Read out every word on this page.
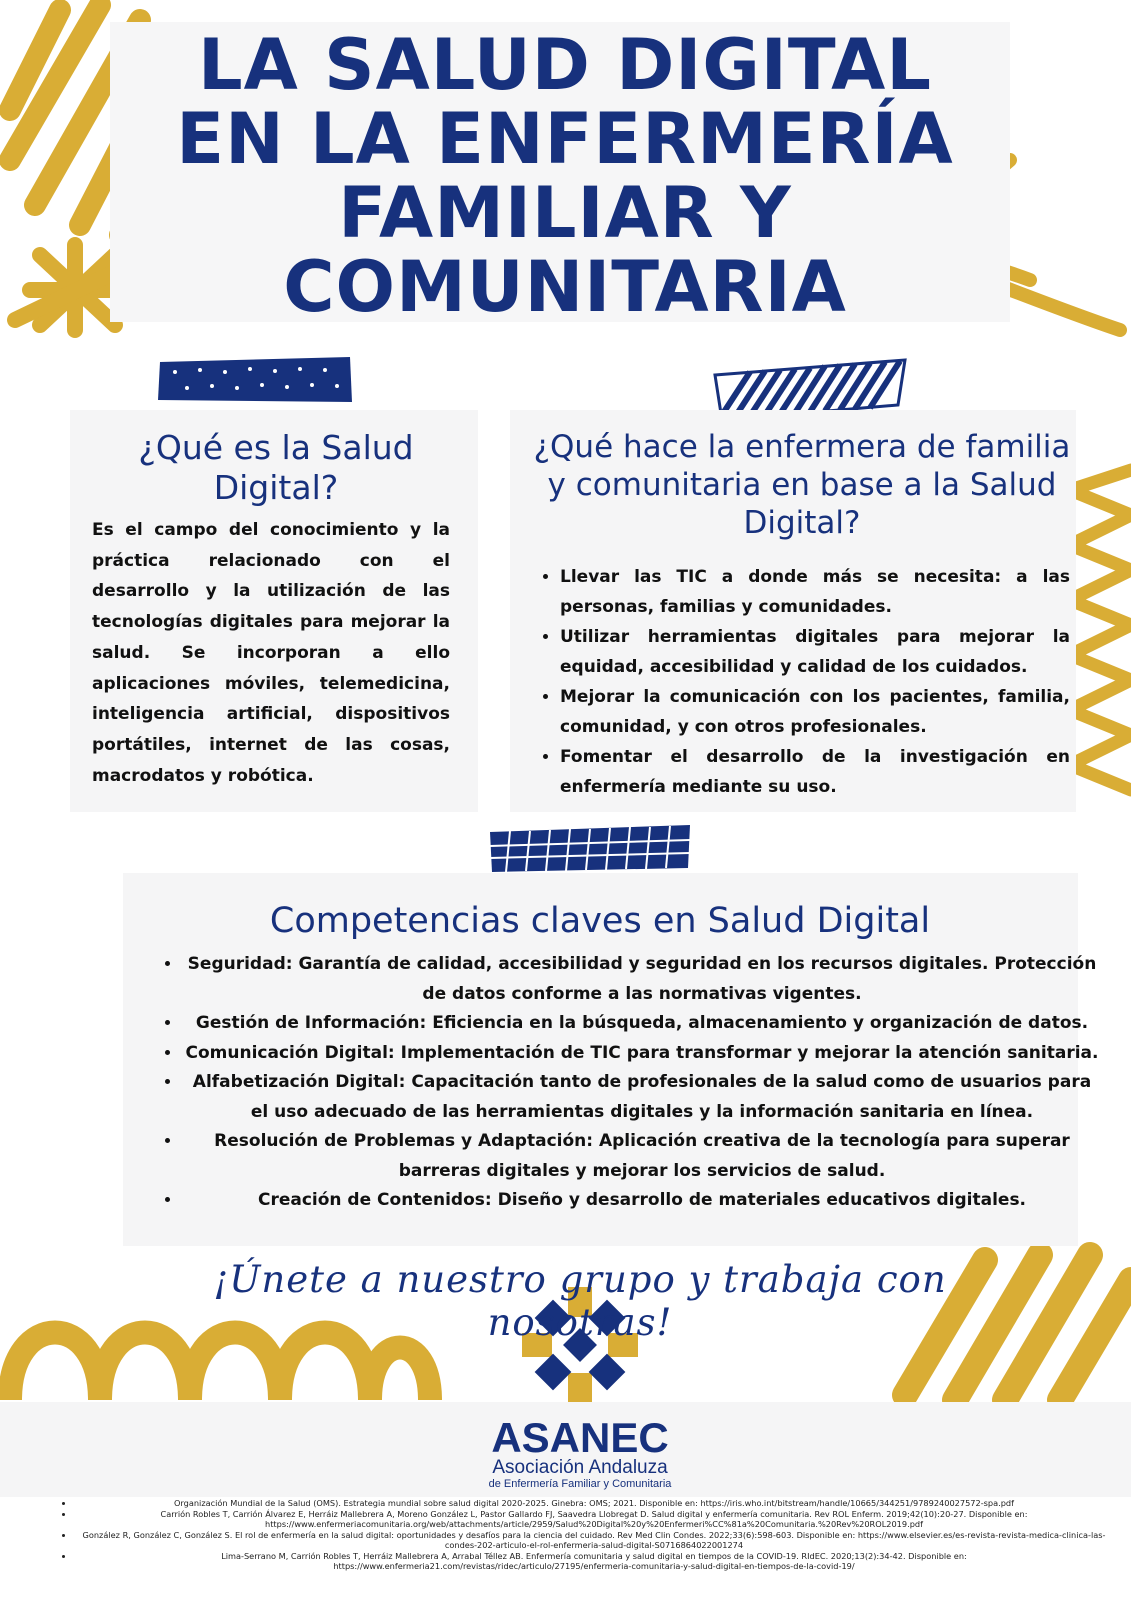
LA SALUD DIGITAL
EN LA ENFERMERÍA
FAMILIAR Y
COMUNITARIA
¿Qué es la Salud Digital?

Es el campo del conocimiento y la práctica relacionado con el desarrollo y la utilización de las tecnologías digitales para mejorar la salud. Se incorporan a ello aplicaciones móviles, telemedicina, inteligencia artificial, dispositivos portátiles, internet de las cosas, macrodatos y robótica.

¿Qué hace la enfermera de familia y comunitaria en base a la Salud Digital?
• Llevar las TIC a donde más se necesita: a las personas, familias y comunidades.
• Utilizar herramientas digitales para mejorar la equidad, accesibilidad y calidad de los cuidados.
• Mejorar la comunicación con los pacientes, familia, comunidad, y con otros profesionales.
• Fomentar el desarrollo de la investigación en enfermería mediante su uso.
Competencias claves en Salud Digital
• Seguridad: Garantía de calidad, accesibilidad y seguridad en los recursos digitales. Protección de datos conforme a las normativas vigentes.
• Gestión de Información: Eficiencia en la búsqueda, almacenamiento y organización de datos.
• Comunicación Digital: Implementación de TIC para transformar y mejorar la atención sanitaria.
• Alfabetización Digital: Capacitación tanto de profesionales de la salud como de usuarios para el uso adecuado de las herramientas digitales y la información sanitaria en línea.
• Resolución de Problemas y Adaptación: Aplicación creativa de la tecnología para superar barreras digitales y mejorar los servicios de salud.
• Creación de Contenidos: Diseño y desarrollo de materiales educativos digitales.

¡Únete a nuestro grupo y trabaja con nosotras!

ASANEC
Asociación Andaluza
de Enfermería Familiar y Comunitaria
• Organización Mundial de la Salud (OMS). Estrategia mundial sobre salud digital 2020-2025. Ginebra: OMS; 2021. Disponible en: https://iris.who.int/bitstream/handle/10665/344251/9789240027572-spa.pdf
• Carrión Robles T, Carrión Álvarez E, Herráiz Mallebrera A, Moreno González L, Pastor Gallardo FJ, Saavedra Llobregat D. Salud digital y enfermería comunitaria. Rev ROL Enferm. 2019;42(10):20-27. Disponible en: https://www.enfermeriacomunitaria.org/web/attachments/article/2959/Salud%20Digital%20y%20Enfermeri%CC%81a%20Comunitaria.%20Rev%20ROL2019.pdf
• González R, González C, González S. El rol de enfermería en la salud digital: oportunidades y desafíos para la ciencia del cuidado. Rev Med Clin Condes. 2022;33(6):598-603. Disponible en: https://www.elsevier.es/es-revista-revista-medica-clinica-las-condes-202-articulo-el-rol-enfermeria-salud-digital-S0716864022001274
• Lima-Serrano M, Carrión Robles T, Herráiz Mallebrera A, Arrabal Téllez AB. Enfermería comunitaria y salud digital en tiempos de la COVID-19. RIdEC. 2020;13(2):34-42. Disponible en: https://www.enfermeria21.com/revistas/ridec/articulo/27195/enfermeria-comunitaria-y-salud-digital-en-tiempos-de-la-covid-19/
